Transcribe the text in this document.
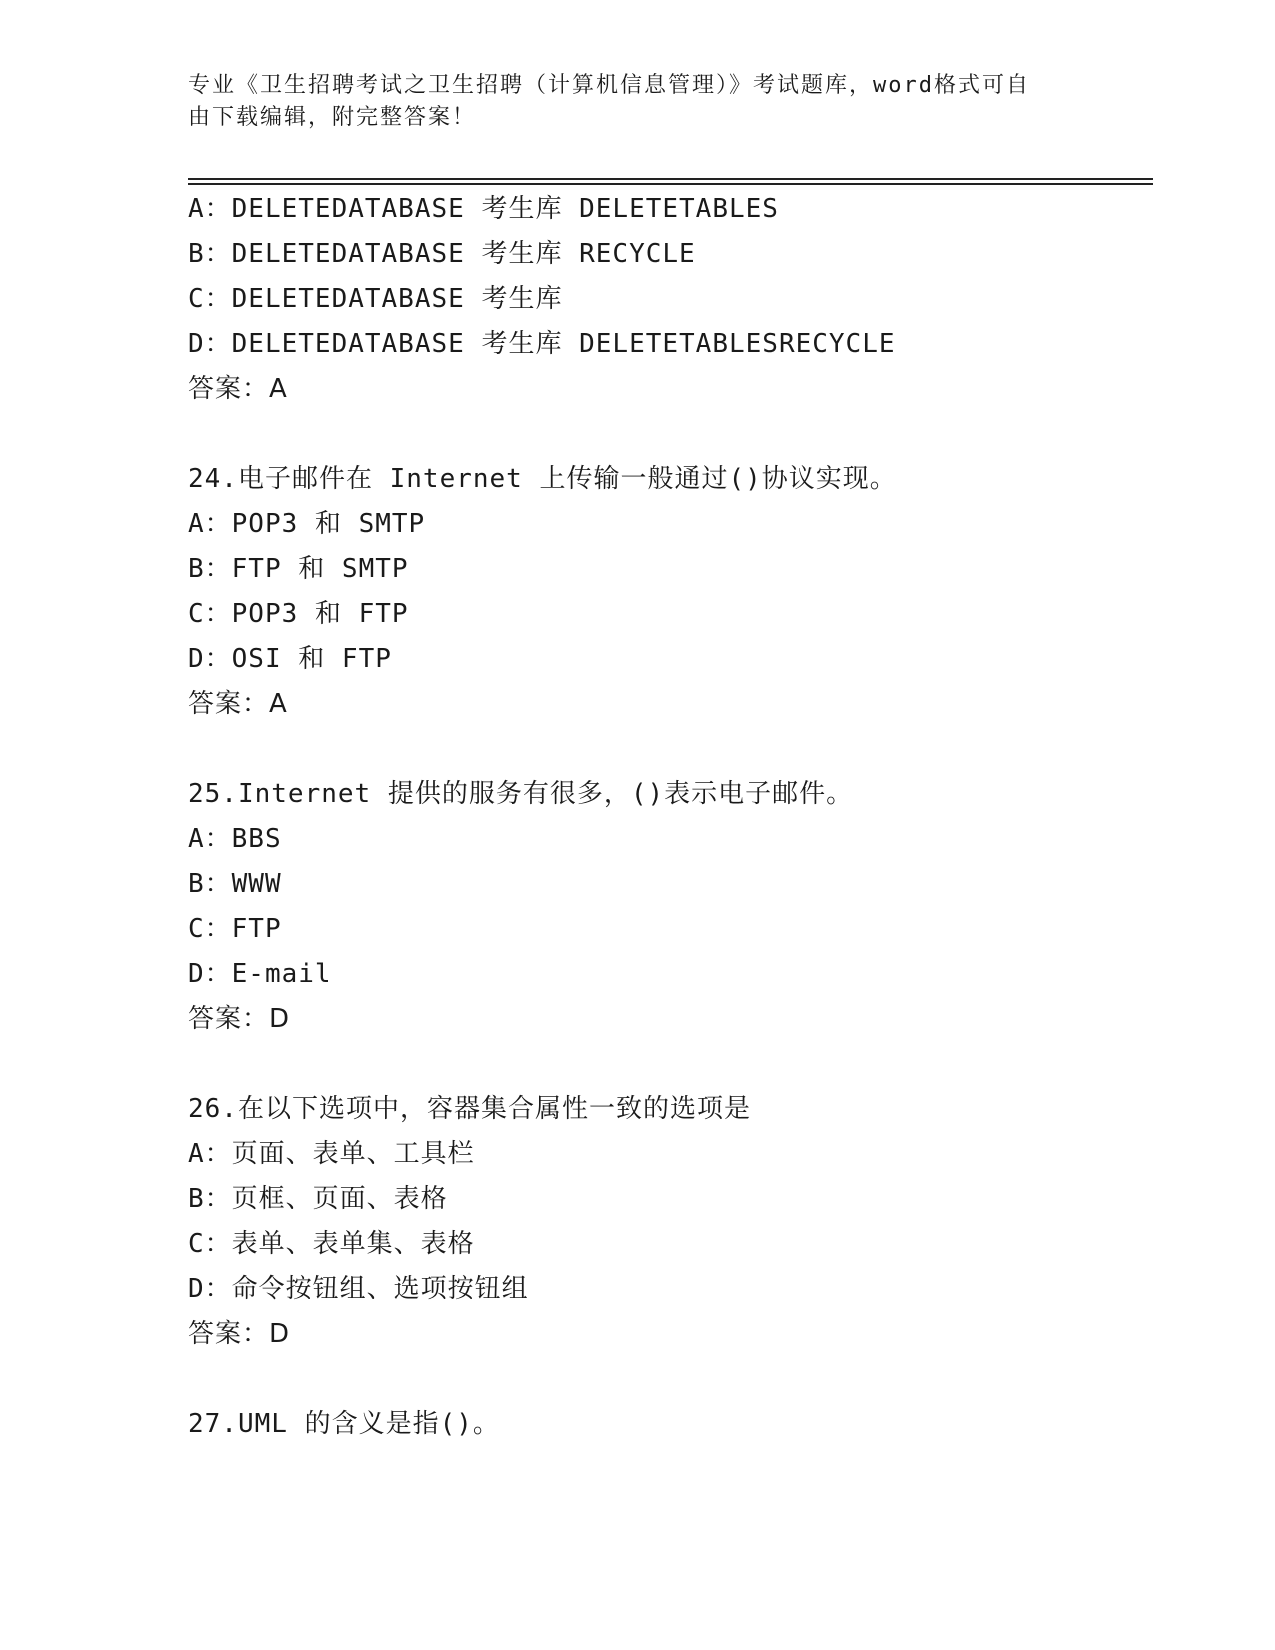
专业《卫生招聘考试之卫生招聘（计算机信息管理）》考试题库，word格式可自
由下载编辑，附完整答案！
A：DELETEDATABASE 考生库 DELETETABLES
B：DELETEDATABASE 考生库 RECYCLE
C：DELETEDATABASE 考生库
D：DELETEDATABASE 考生库 DELETETABLESRECYCLE
答案：A
24.电子邮件在 Internet 上传输一般通过()协议实现。
A：POP3 和 SMTP
B：FTP 和 SMTP
C：POP3 和 FTP
D：OSI 和 FTP
答案：A
25.Internet 提供的服务有很多，()表示电子邮件。
A：BBS
B：WWW
C：FTP
D：E-mail
答案：D
26.在以下选项中，容器集合属性一致的选项是
A：页面、表单、工具栏
B：页框、页面、表格
C：表单、表单集、表格
D：命令按钮组、选项按钮组
答案：D
27.UML 的含义是指()。
